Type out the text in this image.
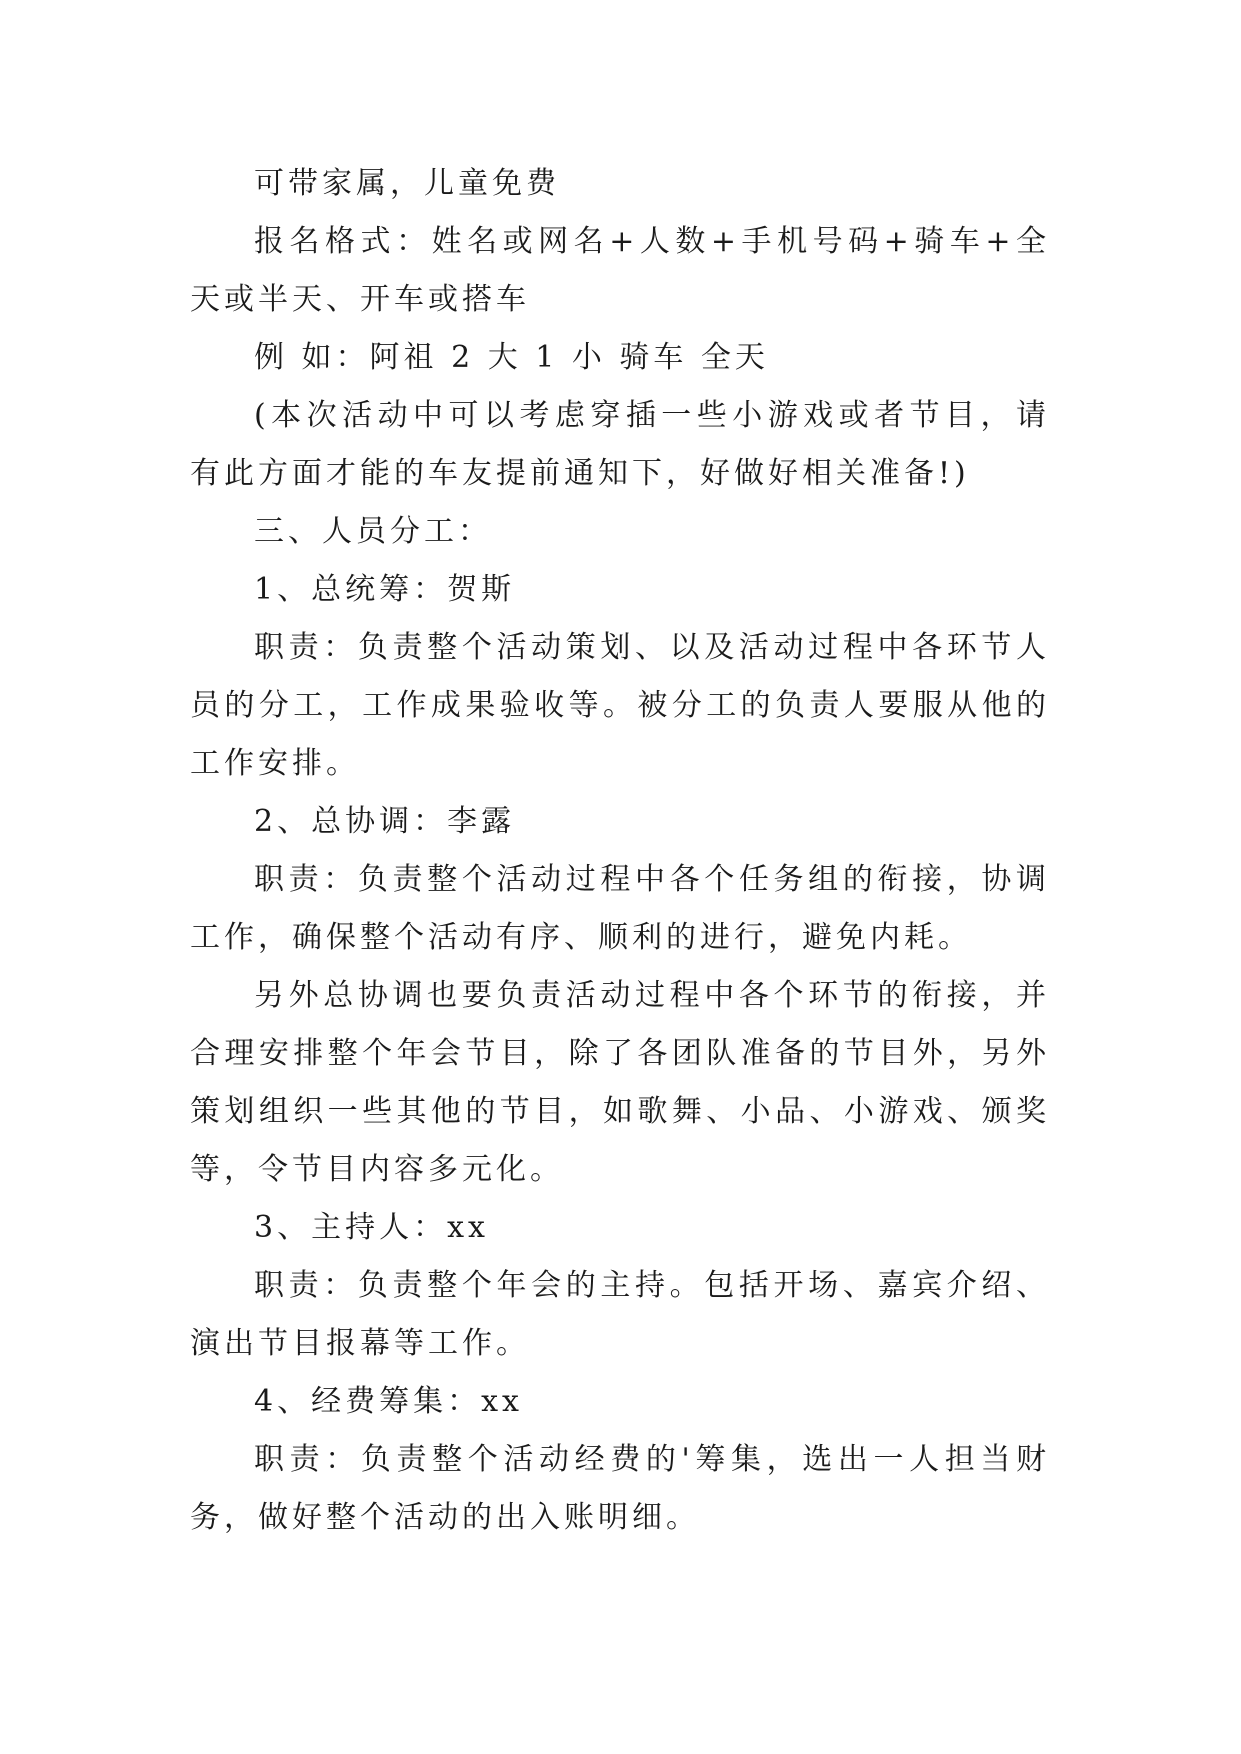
可带家属，儿童免费

报名格式：姓名或网名+人数+手机号码+骑车+全天或半天、开车或搭车

例 如：阿祖 2 大 1 小 骑车 全天

(本次活动中可以考虑穿插一些小游戏或者节目，请有此方面才能的车友提前通知下，好做好相关准备!)

三、人员分工：

1、总统筹：贺斯

职责：负责整个活动策划、以及活动过程中各环节人员的分工，工作成果验收等。被分工的负责人要服从他的工作安排。

2、总协调：李露

职责：负责整个活动过程中各个任务组的衔接，协调工作，确保整个活动有序、顺利的进行，避免内耗。

另外总协调也要负责活动过程中各个环节的衔接，并合理安排整个年会节目，除了各团队准备的节目外，另外策划组织一些其他的节目，如歌舞、小品、小游戏、颁奖等，令节目内容多元化。

3、主持人：xx

职责：负责整个年会的主持。包括开场、嘉宾介绍、演出节目报幕等工作。

4、经费筹集：xx

职责：负责整个活动经费的'筹集，选出一人担当财务，做好整个活动的出入账明细。
